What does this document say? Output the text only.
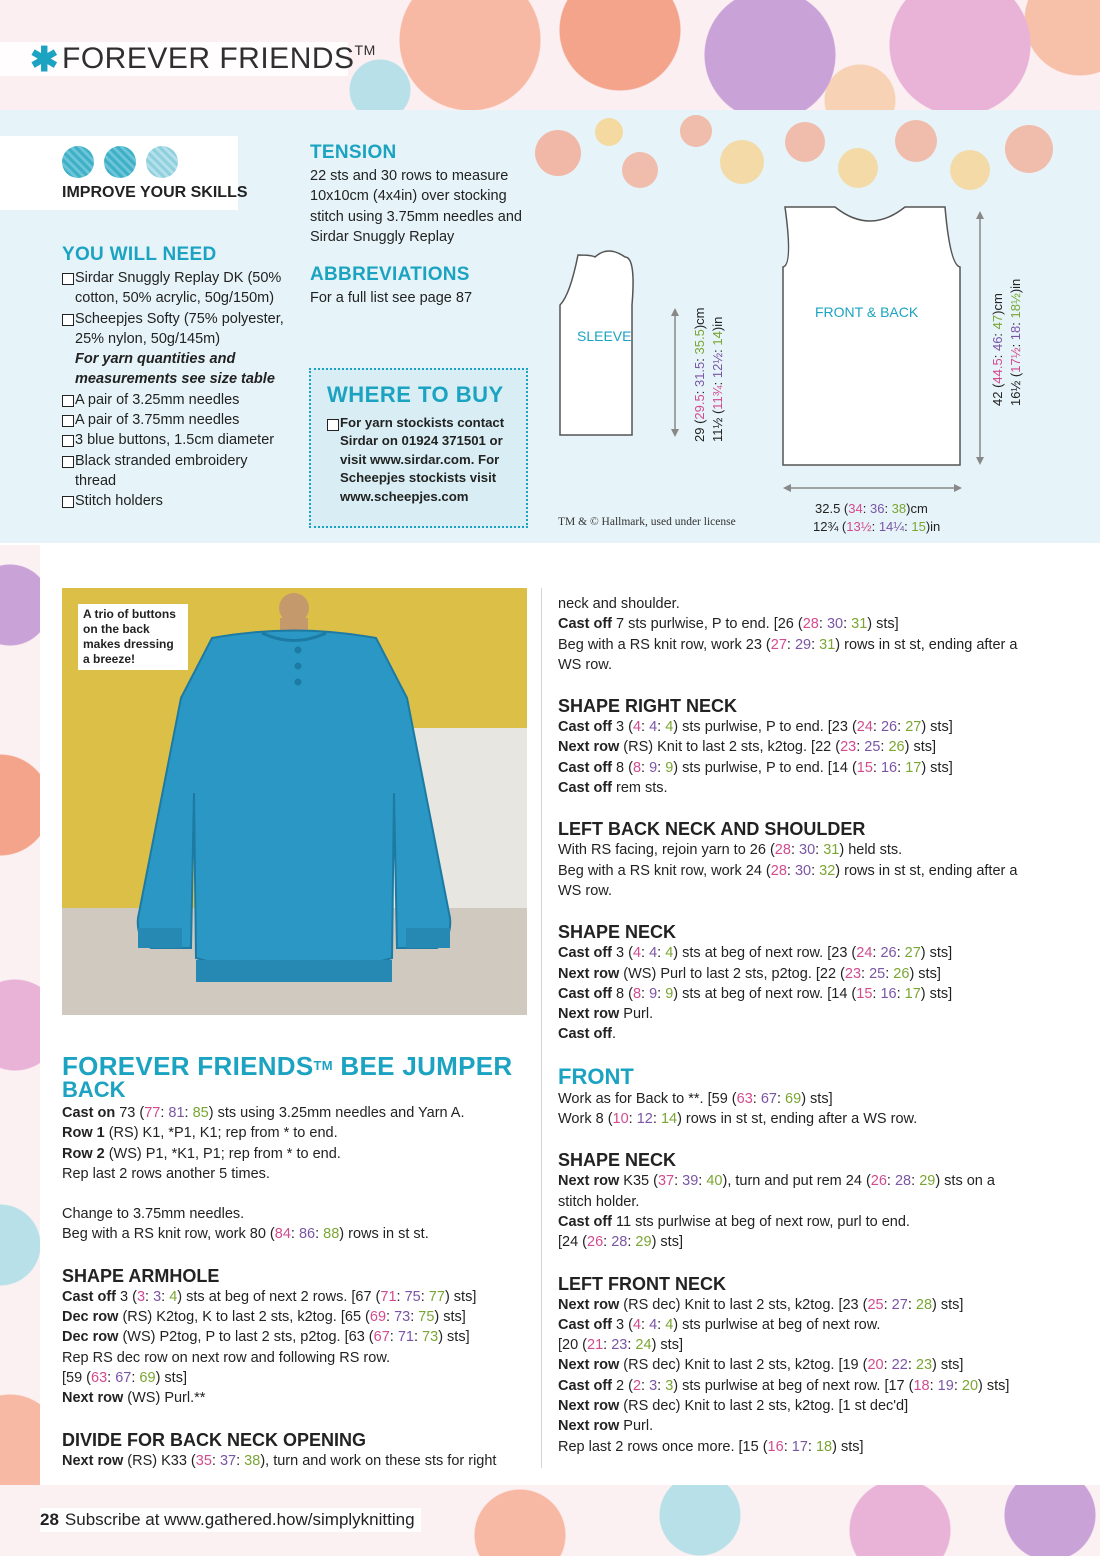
✱ FOREVER FRIENDS™
IMPROVE YOUR SKILLS
YOU WILL NEED
Sirdar Snuggly Replay DK (50% cotton, 50% acrylic, 50g/150m)
Scheepjes Softy (75% polyester, 25% nylon, 50g/145m)
For yarn quantities and measurements see size table
A pair of 3.25mm needles
A pair of 3.75mm needles
3 blue buttons, 1.5cm diameter
Black stranded embroidery thread
Stitch holders
TENSION
22 sts and 30 rows to measure 10x10cm (4x4in) over stocking stitch using 3.75mm needles and Sirdar Snuggly Replay
ABBREVIATIONS
For a full list see page 87
WHERE TO BUY
For yarn stockists contact Sirdar on 01924 371501 or visit www.sirdar.com. For Scheepjes stockists visit www.scheepjes.com
SLEEVE
FRONT & BACK
29 (29.5: 31.5: 35.5)cm
11½ (11¾: 12½: 14)in
42 (44.5: 46: 47)cm
16½ (17½: 18: 18½)in
32.5 (34: 36: 38)cm
12¾ (13½: 14¼: 15)in
TM & © Hallmark, used under license
A trio of buttons on the back makes dressing a breeze!
FOREVER FRIENDS™ BEE JUMPER
BACK

Cast on 73 (77: 81: 85) sts using 3.25mm needles and Yarn A.

Row 1 (RS) K1, *P1, K1; rep from * to end.

Row 2 (WS) P1, *K1, P1; rep from * to end.

Rep last 2 rows another 5 times.

Change to 3.75mm needles.

Beg with a RS knit row, work 80 (84: 86: 88) rows in st st.

SHAPE ARMHOLE

Cast off 3 (3: 3: 4) sts at beg of next 2 rows. [67 (71: 75: 77) sts]

Dec row (RS) K2tog, K to last 2 sts, k2tog. [65 (69: 73: 75) sts]

Dec row (WS) P2tog, P to last 2 sts, p2tog. [63 (67: 71: 73) sts]

Rep RS dec row on next row and following RS row.

[59 (63: 67: 69) sts]

Next row (WS) Purl.**

DIVIDE FOR BACK NECK OPENING

Next row (RS) K33 (35: 37: 38), turn and work on these sts for right

neck and shoulder.

Cast off 7 sts purlwise, P to end. [26 (28: 30: 31) sts]

Beg with a RS knit row, work 23 (27: 29: 31) rows in st st, ending after a WS row.

SHAPE RIGHT NECK

Cast off 3 (4: 4: 4) sts purlwise, P to end. [23 (24: 26: 27) sts]

Next row (RS) Knit to last 2 sts, k2tog. [22 (23: 25: 26) sts]

Cast off 8 (8: 9: 9) sts purlwise, P to end. [14 (15: 16: 17) sts]

Cast off rem sts.

LEFT BACK NECK AND SHOULDER

With RS facing, rejoin yarn to 26 (28: 30: 31) held sts.

Beg with a RS knit row, work 24 (28: 30: 32) rows in st st, ending after a WS row.

SHAPE NECK

Cast off 3 (4: 4: 4) sts at beg of next row. [23 (24: 26: 27) sts]

Next row (WS) Purl to last 2 sts, p2tog. [22 (23: 25: 26) sts]

Cast off 8 (8: 9: 9) sts at beg of next row. [14 (15: 16: 17) sts]

Next row Purl.

Cast off.

FRONT

Work as for Back to **. [59 (63: 67: 69) sts]

Work 8 (10: 12: 14) rows in st st, ending after a WS row.

SHAPE NECK

Next row K35 (37: 39: 40), turn and put rem 24 (26: 28: 29) sts on a stitch holder.

Cast off 11 sts purlwise at beg of next row, purl to end.

[24 (26: 28: 29) sts]

LEFT FRONT NECK

Next row (RS dec) Knit to last 2 sts, k2tog. [23 (25: 27: 28) sts]

Cast off 3 (4: 4: 4) sts purlwise at beg of next row.

[20 (21: 23: 24) sts]

Next row (RS dec) Knit to last 2 sts, k2tog. [19 (20: 22: 23) sts]

Cast off 2 (2: 3: 3) sts purlwise at beg of next row. [17 (18: 19: 20) sts]

Next row (RS dec) Knit to last 2 sts, k2tog. [1 st dec'd]

Next row Purl.

Rep last 2 rows once more. [15 (16: 17: 18) sts]

28 Subscribe at www.gathered.how/simplyknitting
